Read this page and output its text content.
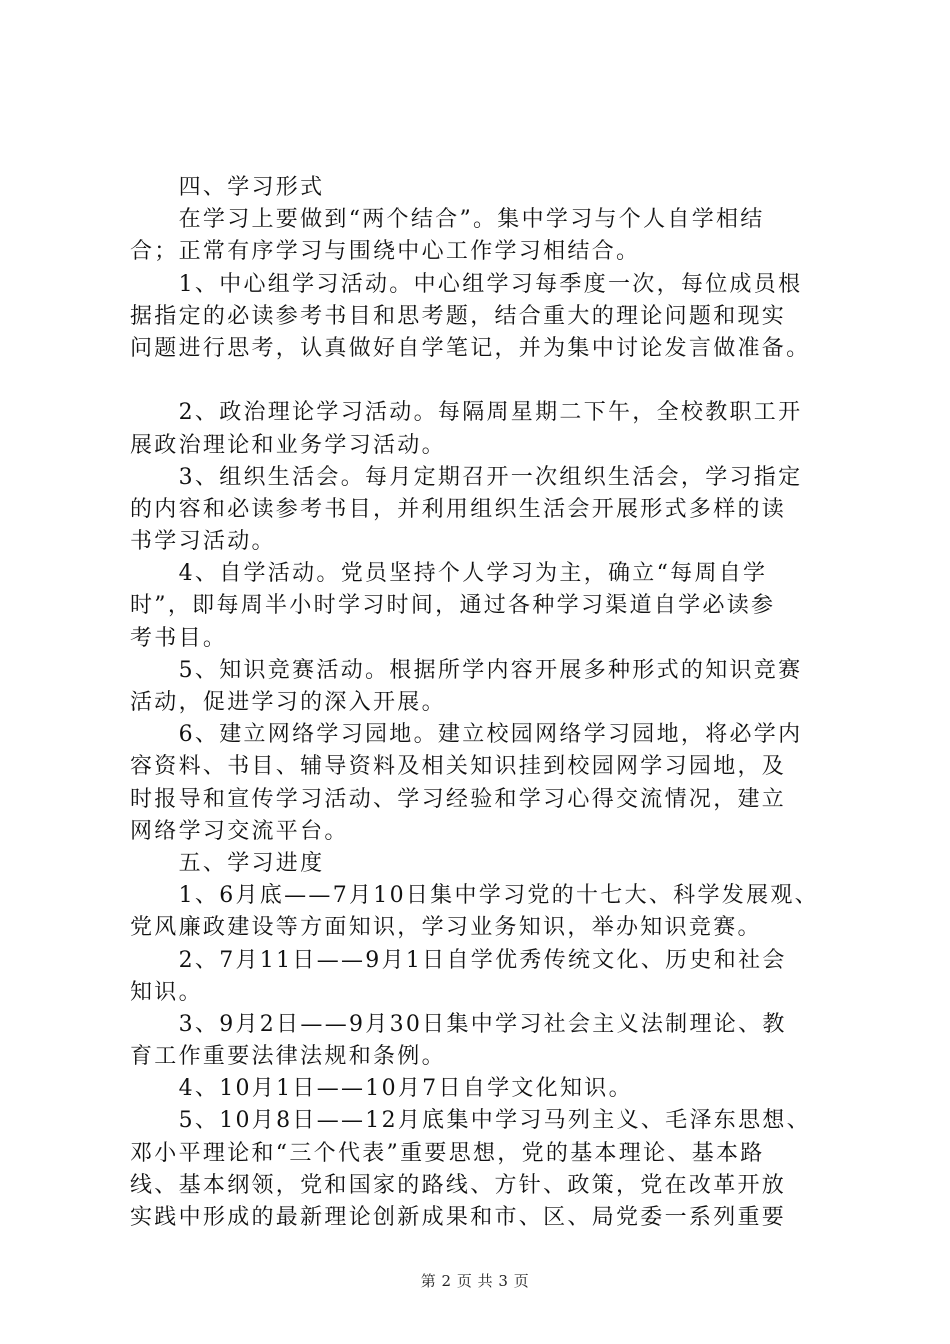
　　四、学习形式
　　在学习上要做到“两个结合”。集中学习与个人自学相结
合；正常有序学习与围绕中心工作学习相结合。
　　1、中心组学习活动。中心组学习每季度一次，每位成员根
据指定的必读参考书目和思考题，结合重大的理论问题和现实
问题进行思考，认真做好自学笔记，并为集中讨论发言做准备。
　　2、政治理论学习活动。每隔周星期二下午，全校教职工开
展政治理论和业务学习活动。
　　3、组织生活会。每月定期召开一次组织生活会，学习指定
的内容和必读参考书目，并利用组织生活会开展形式多样的读
书学习活动。
　　4、自学活动。党员坚持个人学习为主，确立“每周自学
时”，即每周半小时学习时间，通过各种学习渠道自学必读参
考书目。
　　5、知识竞赛活动。根据所学内容开展多种形式的知识竞赛
活动，促进学习的深入开展。
　　6、建立网络学习园地。建立校园网络学习园地，将必学内
容资料、书目、辅导资料及相关知识挂到校园网学习园地，及
时报导和宣传学习活动、学习经验和学习心得交流情况，建立
网络学习交流平台。
　　五、学习进度
　　1、6月底——7月10日集中学习党的十七大、科学发展观、
党风廉政建设等方面知识，学习业务知识，举办知识竞赛。
　　2、7月11日——9月1日自学优秀传统文化、历史和社会
知识。
　　3、9月2日——9月30日集中学习社会主义法制理论、教
育工作重要法律法规和条例。
　　4、10月1日——10月7日自学文化知识。
　　5、10月8日——12月底集中学习马列主义、毛泽东思想、
邓小平理论和“三个代表”重要思想，党的基本理论、基本路
线、基本纲领，党和国家的路线、方针、政策，党在改革开放
实践中形成的最新理论创新成果和市、区、局党委一系列重要
第 2 页 共 3 页
